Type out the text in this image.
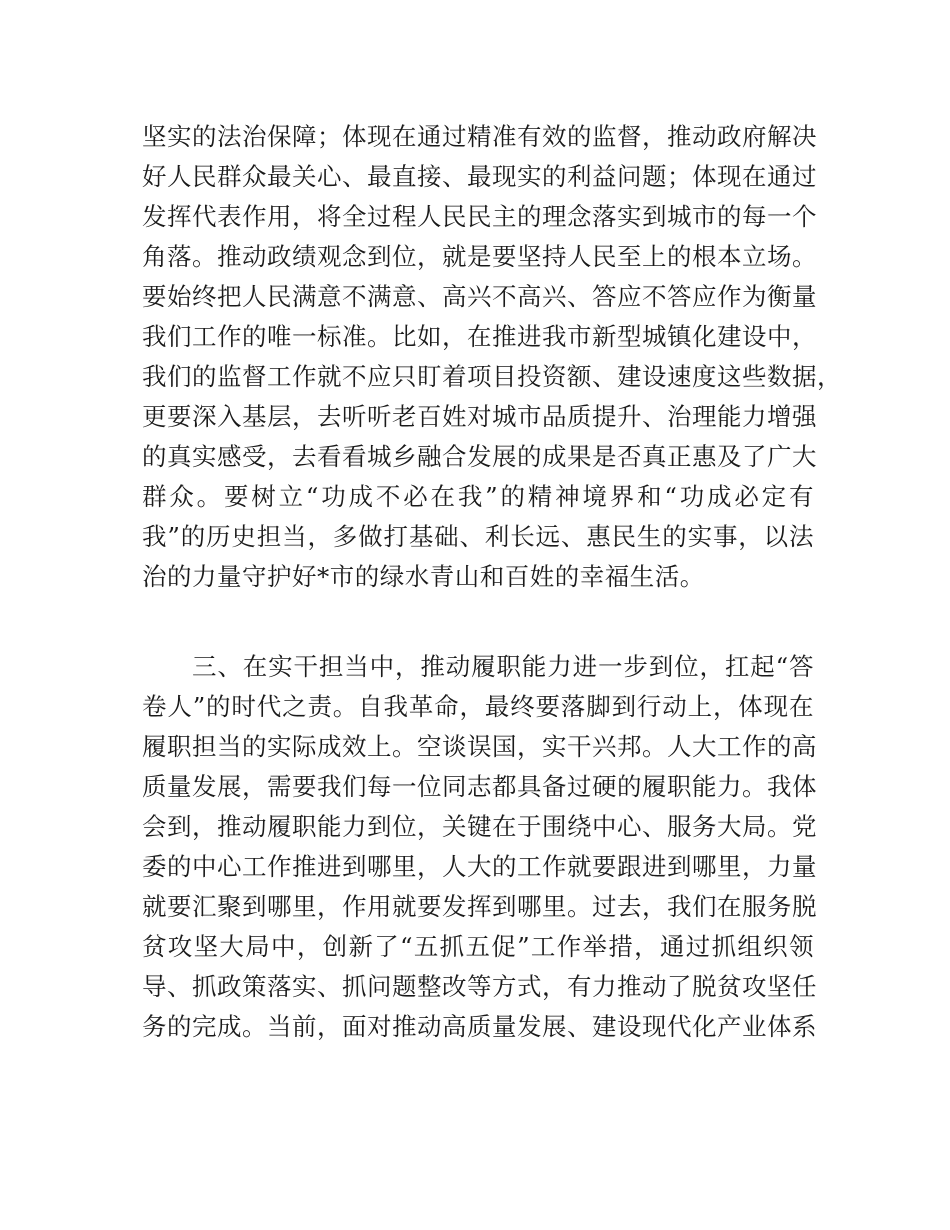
坚实的法治保障；体现在通过精准有效的监督，推动政府解决
好人民群众最关心、最直接、最现实的利益问题；体现在通过
发挥代表作用，将全过程人民民主的理念落实到城市的每一个
角落。推动政绩观念到位，就是要坚持人民至上的根本立场。
要始终把人民满意不满意、高兴不高兴、答应不答应作为衡量
我们工作的唯一标准。比如，在推进我市新型城镇化建设中，
我们的监督工作就不应只盯着项目投资额、建设速度这些数据，
更要深入基层，去听听老百姓对城市品质提升、治理能力增强
的真实感受，去看看城乡融合发展的成果是否真正惠及了广大
群众。要树立“功成不必在我”的精神境界和“功成必定有
我”的历史担当，多做打基础、利长远、惠民生的实事，以法
治的力量守护好*市的绿水青山和百姓的幸福生活。
三、在实干担当中，推动履职能力进一步到位，扛起“答
卷人”的时代之责。自我革命，最终要落脚到行动上，体现在
履职担当的实际成效上。空谈误国，实干兴邦。人大工作的高
质量发展，需要我们每一位同志都具备过硬的履职能力。我体
会到，推动履职能力到位，关键在于围绕中心、服务大局。党
委的中心工作推进到哪里，人大的工作就要跟进到哪里，力量
就要汇聚到哪里，作用就要发挥到哪里。过去，我们在服务脱
贫攻坚大局中，创新了“五抓五促”工作举措，通过抓组织领
导、抓政策落实、抓问题整改等方式，有力推动了脱贫攻坚任
务的完成。当前，面对推动高质量发展、建设现代化产业体系
